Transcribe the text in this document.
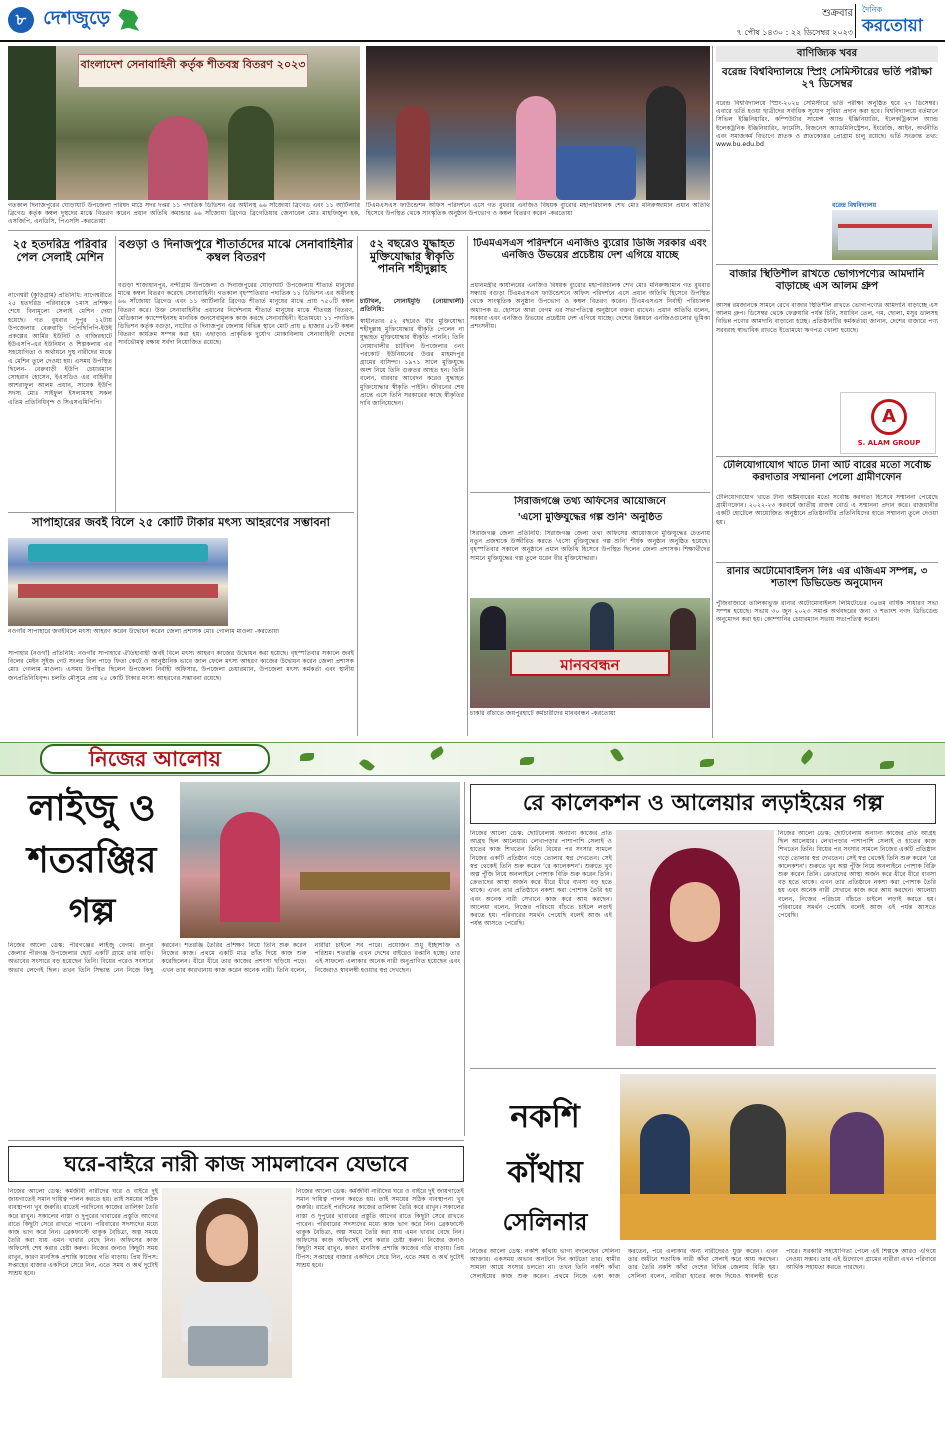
৮ দেশজুড়ে	শুক্রবার
৭ পৌষ ১৪৩০ : ২২ ডিসেম্বর ২০২৩
দৈনিক
করতোয়া
বাংলাদেশ সেনাবাহিনী কর্তৃক শীতবস্ত্র বিতরণ ২০২৩
গতকাল দিনাজপুরের ঘোড়াঘাট উপজেলা পরিষদ মাঠে সদর দপ্তর ১১ পদাতিক ডিভিশন এর অধীনস্থ ৬৬ সাঁজোয়া ব্রিগেড এবং ১১ আর্টিলারি ব্রিগেড কর্তৃক কম্বল দুস্থদের মাঝে বিতরণ করেন প্রধান অতিথি কমান্ডার ৬৬ সাঁজোয়া ব্রিগেড ব্রিগেডিয়ার জেনারেল মোঃ মাহফিজুল হক, এসজিপি, এনডিসি, পিএসসি -করতোয়া
টিএমএসএস ফাউন্ডেশন অফিস পরিদর্শনে এসে গত বুধবার এনজিও বিষয়ক ব্যুরোর মহাপরিচালক শেখ মোঃ মনিরুজ্জামান প্রধান অতিথি হিসেবে উপস্থিত থেকে সাংস্কৃতিক অনুষ্ঠান উপভোগ ও কম্বল বিতরণ করেন -করতোয়া
২৫ হতদরিদ্র পরিবার পেল সেলাই মেশিন
নাগেশ্বরী (কুড়িগ্রাম) প্রতিনিধি: নাগেশ্বরীতে ২৫ হতদরিদ্র পরিবারকে ১মাস প্রশিক্ষণ শেষে বিনামূল্যে সেলাই মেশিন দেয়া হয়েছে। গত বুধবার দুপুর ১২টায় উপজেলার বেরুবাড়ি পিপিছিপিপি-ইউই প্রকল্পের আর্মির ইউনিট ও বাজিরহাটে ইউএসপি-এর ইউনিয়ন ও শিল্পকলায় এর সহযোগিতা ও অর্থায়নে দুস্থ নারীদের মাঝে এ মেশিন তুলে দেওয়া হয়। এসময় উপস্থিত ছিলেন- বেরুবাড়ী ইউপি চেয়ারম্যান সোহরাব হোসেন, ইএসডিও এর বাহিনীর আশরাফুল আলম প্রধান, সাবেক ইউপি সদস্য মোঃ সাইফুল ইসলামসহ সকল এতিম প্রতিনিধিবৃন্দ ও সিএসএমিপিপি।
বগুড়া ও দিনাজপুরে শীতার্তদের মাঝে সেনাবাহিনীর কম্বল বিতরণ
বগুড়া শাজাহানপুর, নন্দীগ্রাম উপজেলা ও দিনাজপুরের ঘোড়াঘাট উপজেলায় শীতার্ত মানুষের মাঝে কম্বল বিতরণ করেছে সেনাবাহিনী। গতকাল বৃহস্পতিবার পদাতিক ১১ ডিভিশন এর অধীনস্থ ৬৬ সাঁজোয়া ব্রিগেড এবং ১১ আর্টিলারি ব্রিগেড শীতার্ত মানুষের মাঝে প্রায় ৭৫০টি কম্বল বিতরণ করে। উক্ত সেনাবাহিনীর প্রধানের নির্দেশনায় শীতার্ত মানুষের মাঝে শীতবস্ত্র বিতরণ, মেডিক্যাল ক্যাম্পেইনসহ মানবিক জনসেবামূলক কাজ করছে সেনাবাহিনী। ইতোমধ্যে ১১ পদাতিক ডিভিশন কর্তৃক বগুড়া, নাটোর ও দিনাজপুর জেলায় বিভিন্ন স্থানে মোট প্রায় ৪ হাজার ৫৮টি কম্বল বিতরণ কার্যক্রম সম্পন্ন করা হয়। এছাড়াও প্রাকৃতিক দুর্যোগ মোকাবিলায় সেনাবাহিনী দেশের সার্বভৌমত্ব রক্ষায় সর্বদা নিয়োজিত রয়েছে।
সাপাহারের জবই বিলে ২৫ কোটি টাকার মৎস্য আহরণের সম্ভাবনা
নওগাঁর সাপাহারে জবইবিলে মৎস্য আহরণ করেন উদ্বোধন করেন জেলা প্রশাসক মোঃ গোলাম মাওলা -করতোয়া
সাপাহার (নওগাঁ) প্রতিনিধি: নওগাঁর সাপাহারে ঐতিহ্যবাহী জবই বিলে মৎস্য আহরণ কাজের উদ্বোধন করা হয়েছে। বৃহস্পতিবার সকালে জবই বিলের মেইন সুইজ গেট সংলগ্ন বিল পাড়ে ফিতা কেটে ও আনুষ্ঠানিক ভাবে জাল ফেলে মৎস্য আহরণ কাজের উদ্বোধন করেন জেলা প্রশাসক মোঃ গোলাম মাওলা। এসময় উপস্থিত ছিলেন উপজেলা নির্বাহী অফিসার, উপজেলা চেয়ারম্যান, উপজেলা মৎস্য কর্মকর্তা এবং স্থানীয় জনপ্রতিনিধিবৃন্দ। চলতি মৌসুমে প্রায় ২৫ কোটি টাকার মৎস্য আহরণের সম্ভাবনা রয়েছে।
৫২ বছরেও যুদ্ধাহত মুক্তিযোদ্ধার স্বীকৃতি পাননি শহীদুল্লাহ
চাটখিল, সোনাইমুড়ি (নোয়াখালী) প্রতিনিধি:
স্বাধীনতার ৫২ বছরেও বীর মুক্তিযোদ্ধা শহীদুল্লাহ মুক্তিযোদ্ধার স্বীকৃতি পেলেন না যুদ্ধাহত মুক্তিযোদ্ধার স্বীকৃতি পাননি। তিনি নোয়াখালীর চাটখিল উপজেলার ৩নং পরকোট ইউনিয়নের উত্তর মাহমদপুর গ্রামের বাসিন্দা। ১৯৭১ সালে মুক্তিযুদ্ধে অংশ নিয়ে তিনি গুরুতর আহত হন। তিনি বলেন, বারবার আবেদন করেও যুদ্ধাহত মুক্তিযোদ্ধার স্বীকৃতি পাইনি। জীবনের শেষ প্রান্তে এসে তিনি সরকারের কাছে স্বীকৃতির দাবি জানিয়েছেন।
টিএমএসএস পরিদর্শনে এনজিও ব্যুরোর ডিজি সরকার এবং এনজিও উভয়ের প্রচেষ্টায় দেশ এগিয়ে যাচ্ছে
প্রধানমন্ত্রীর কার্যালয়ের এনজিও বিষয়ক ব্যুরোর মহাপরিচালক শেখ মোঃ মনিরুজ্জামান গত বুধবার সন্ধ্যায় বগুড়া টিএমএসএস ফাউন্ডেশনে অফিস পরিদর্শনে এসে প্রধান অতিথি হিসেবে উপস্থিত থেকে সাংস্কৃতিক অনুষ্ঠান উপভোগ ও কম্বল বিতরণ করেন। টিএমএসএস নির্বাহী পরিচালক অধ্যাপক ড. হোসনে আরা বেগম এর সভাপতিত্বে অনুষ্ঠানে বক্তব্য রাখেন। প্রধান অতিথি বলেন, সরকার এবং এনজিও উভয়ের প্রচেষ্টায় দেশ এগিয়ে যাচ্ছে। দেশের উন্নয়নে এনজিওগুলোর ভূমিকা প্রশংসনীয়।
সিরাজগঞ্জে তথ্য অফিসের আয়োজনে
'এসো মুক্তিযুদ্ধের গল্প শুনি' অনুষ্ঠিত
সিরাজগঞ্জ জেলা প্রতিনিধি: সিরাজগঞ্জ জেলা তথ্য অফিসের আয়োজনে মুক্তিযুদ্ধের চেতনায় নতুন প্রজন্মকে উজ্জীবিত করতে 'এসো মুক্তিযুদ্ধের গল্প শুনি' শীর্ষক অনুষ্ঠান অনুষ্ঠিত হয়েছে। বৃহস্পতিবার সকালে অনুষ্ঠানে প্রধান অতিথি হিসেবে উপস্থিত ছিলেন জেলা প্রশাসক। শিক্ষার্থীদের সামনে মুক্তিযুদ্ধের গল্প তুলে ধরেন বীর মুক্তিযোদ্ধারা।
মানববন্ধন
চাকরি বাঁচাতে জয়পুরহাটে কর্মচারীদের মানববন্ধন -করতোয়া
বাণিজ্যিক খবর
বরেন্দ্র বিশ্ববিদ্যালয়ে স্প্রিং সেমিস্টারের ভর্তি পরীক্ষা ২৭ ডিসেম্বর
বরেন্দ্র বিশ্ববিদ্যালয়ে স্প্রিং-২০২৪ সেমিস্টারে ভর্তি পরীক্ষা অনুষ্ঠিত হবে ২৭ ডিসেম্বর। এবারে ভর্তি হওয়া ছাত্রীদের সর্বাধিক সুযোগ সুবিধা প্রদান করা হবে। বিশ্ববিদ্যালয়ে বর্তমানে সিভিল ইঞ্জিনিয়ারিং, কম্পিউটার সায়েন্স অ্যান্ড ইঞ্জিনিয়ারিং, ইলেকট্রিক্যাল অ্যান্ড ইলেকট্রনিক ইঞ্জিনিয়ারিং, ফার্মেসি, বিজনেস অ্যাডমিনিস্ট্রেশন, ইংরেজি, আইন, অর্থনীতি এবং সমাজকর্ম বিভাগে স্নাতক ও স্নাতকোত্তর প্রোগ্রাম চালু রয়েছে। ভর্তি সংক্রান্ত তথ্য: www.bu.edu.bd
বরেন্দ্র বিশ্ববিদ্যালয়
বাজার স্থিতিশীল রাখতে ভোগ্যপণ্যের আমদানি বাড়াচ্ছে এস আলম গ্রুপ
আসন্ন রমজানকে সামনে রেখে বাজার স্থিতিশীল রাখতে ভোগ্যপণ্যের আমদানি বাড়াচ্ছে এস আলম গ্রুপ। ডিসেম্বর থেকে ফেব্রুয়ারি পর্যন্ত চিনি, সয়াবিন তেল, গম, ছোলা, মসুর ডালসহ বিভিন্ন পণ্যের আমদানি বাড়ানো হচ্ছে। প্রতিষ্ঠানটির কর্মকর্তারা জানান, দেশের বাজারে পণ্য সরবরাহ স্বাভাবিক রাখতে ইতোমধ্যে ঋণপত্র খোলা হয়েছে।
A
S. ALAM GROUP
টেলিযোগাযোগ খাতে টানা আট বারের মতো সর্বোচ্চ করদাতার সম্মাননা পেলো গ্রামীণফোন
টেলিযোগাযোগ খাতে টানা অষ্টমবারের মতো সর্বোচ্চ করদাতা হিসেবে সম্মাননা পেয়েছে গ্রামীণফোন। ২০২২-২৩ করবর্ষে জাতীয় রাজস্ব বোর্ড এ সম্মাননা প্রদান করে। রাজধানীর একটি হোটেলে আয়োজিত অনুষ্ঠানে প্রতিষ্ঠানটির প্রতিনিধিদের হাতে সম্মাননা তুলে দেওয়া হয়।
রানার অটোমোবাইলস লিঃ এর এজিএম সম্পন্ন, ৩ শতাংশ ডিভিডেন্ড অনুমোদন
পুঁজিবাজারে তালিকাভুক্ত রানার অটোমোবাইলস লিমিটেডের ৩৪তম বার্ষিক সাধারণ সভা সম্পন্ন হয়েছে। সভায় ৩০ জুন ২০২৩ সমাপ্ত অর্থবছরের জন্য ৩ শতাংশ নগদ ডিভিডেন্ড অনুমোদন করা হয়। কোম্পানির চেয়ারম্যান সভায় সভাপতিত্ব করেন।
নিজের আলোয়
লাইজু ও
শতরঞ্জির
গল্প
নিজের আলো ডেস্ক: পীরগঞ্জের লাইজু বেগম। রংপুর জেলার পীরগঞ্জ উপজেলার ছোট একটি গ্রামে তার বাড়ি। অভাবের সংসারে বড় হয়েছেন তিনি। বিয়ের পরেও সংসারে অভাব লেগেই ছিল। তখন তিনি সিদ্ধান্ত নেন নিজে কিছু করবেন। শতরঞ্জি তৈরির প্রশিক্ষণ নিয়ে তিনি শুরু করেন নিজের কাজ। প্রথমে একটি মাত্র তাঁত দিয়ে কাজ শুরু করেছিলেন। ধীরে ধীরে তার কাজের প্রশংসা ছড়িয়ে পড়ে। এখন তার কারখানায় কাজ করেন অনেক নারী। তিনি বলেন, নারীরা চাইলে সব পারে। প্রয়োজন শুধু ইচ্ছাশক্তি ও পরিশ্রম। শতরঞ্জি এখন দেশের বাইরেও রপ্তানি হচ্ছে। তার এই সাফল্যে এলাকার অনেক নারী অনুপ্রাণিত হয়েছেন এবং নিজেরাও স্বাবলম্বী হওয়ার স্বপ্ন দেখছেন।
রে কালেকশন ও আলেয়ার লড়াইয়ের গল্প
নিজের আলো ডেস্ক: ছোটবেলায় অন্যান্য কাজের প্রতি আগ্রহ ছিল আলেয়ার। লেখাপড়ার পাশাপাশি সেলাই ও হাতের কাজ শিখতেন তিনি। বিয়ের পর সংসার সামলে নিজের একটি প্রতিষ্ঠান গড়ে তোলার স্বপ্ন দেখতেন। সেই স্বপ্ন থেকেই তিনি শুরু করেন 'রে কালেকশন'। শুরুতে খুব অল্প পুঁজি নিয়ে অনলাইনে পোশাক বিক্রি শুরু করেন তিনি। ক্রেতাদের আস্থা অর্জন করে ধীরে ধীরে ব্যবসা বড় হতে থাকে। এখন তার প্রতিষ্ঠানে নকশা করা পোশাক তৈরি হয় এবং অনেক নারী সেখানে কাজ করে আয় করছেন। আলেয়া বলেন, নিজের পরিচয়ে বাঁচতে চাইলে লড়াই করতে হয়। পরিবারের সমর্থন পেয়েছি বলেই আজ এই পর্যন্ত আসতে পেরেছি।
নিজের আলো ডেস্ক: ছোটবেলায় অন্যান্য কাজের প্রতি আগ্রহ ছিল আলেয়ার। লেখাপড়ার পাশাপাশি সেলাই ও হাতের কাজ শিখতেন তিনি। বিয়ের পর সংসার সামলে নিজের একটি প্রতিষ্ঠান গড়ে তোলার স্বপ্ন দেখতেন। সেই স্বপ্ন থেকেই তিনি শুরু করেন 'রে কালেকশন'। শুরুতে খুব অল্প পুঁজি নিয়ে অনলাইনে পোশাক বিক্রি শুরু করেন তিনি। ক্রেতাদের আস্থা অর্জন করে ধীরে ধীরে ব্যবসা বড় হতে থাকে। এখন তার প্রতিষ্ঠানে নকশা করা পোশাক তৈরি হয় এবং অনেক নারী সেখানে কাজ করে আয় করছেন। আলেয়া বলেন, নিজের পরিচয়ে বাঁচতে চাইলে লড়াই করতে হয়। পরিবারের সমর্থন পেয়েছি বলেই আজ এই পর্যন্ত আসতে পেরেছি।
নকশি
কাঁথায়
সেলিনার
নিজের আলো ডেস্ক: নকশি কাঁথায় ভাগ্য বদলেছেন সেলিনা আক্তার। একসময় অভাব অনটনে দিন কাটতো তার। স্বামীর সামান্য আয়ে সংসার চলতো না। তখন তিনি নকশি কাঁথা সেলাইয়ের কাজ শুরু করেন। প্রথমে নিজে একা কাজ করতেন, পরে এলাকার অন্য নারীদেরও যুক্ত করেন। এখন তার অধীনে শতাধিক নারী কাঁথা সেলাই করে আয় করছেন। তার তৈরি নকশি কাঁথা দেশের বিভিন্ন জেলায় বিক্রি হয়। সেলিনা বলেন, নারীরা হাতের কাজ দিয়েও স্বাবলম্বী হতে পারে। সরকারি সহযোগিতা পেলে এই শিল্পকে আরও এগিয়ে নেওয়া সম্ভব। তার এই উদ্যোগে গ্রামের নারীরা এখন পরিবারে আর্থিক সহায়তা করতে পারছেন।
ঘরে-বাইরে নারী কাজ সামলাবেন যেভাবে
নিজের আলো ডেস্ক: কর্মজীবী নারীদের ঘরে ও বাইরে দুই জায়গাতেই সমান দায়িত্ব পালন করতে হয়। তাই সময়ের সঠিক ব্যবস্থাপনা খুব জরুরি। রাতেই পরদিনের কাজের তালিকা তৈরি করে রাখুন। সকালের নাস্তা ও দুপুরের খাবারের প্রস্তুতি আগের রাতে কিছুটা সেরে রাখতে পারেন। পরিবারের সদস্যদের মধ্যে কাজ ভাগ করে নিন। ব্রেকফাস্টে থাকুক বৈচিত্র্য, অল্প সময়ে তৈরি করা যায় এমন খাবার বেছে নিন। অফিসের কাজ অফিসেই শেষ করার চেষ্টা করুন। নিজের জন্যও কিছুটা সময় রাখুন, কারণ মানসিক প্রশান্তি কাজের গতি বাড়ায়। প্রিয় টিপস: সপ্তাহের বাজার একদিনে সেরে নিন, এতে সময় ও অর্থ দুটোই সাশ্রয় হবে।
নিজের আলো ডেস্ক: কর্মজীবী নারীদের ঘরে ও বাইরে দুই জায়গাতেই সমান দায়িত্ব পালন করতে হয়। তাই সময়ের সঠিক ব্যবস্থাপনা খুব জরুরি। রাতেই পরদিনের কাজের তালিকা তৈরি করে রাখুন। সকালের নাস্তা ও দুপুরের খাবারের প্রস্তুতি আগের রাতে কিছুটা সেরে রাখতে পারেন। পরিবারের সদস্যদের মধ্যে কাজ ভাগ করে নিন। ব্রেকফাস্টে থাকুক বৈচিত্র্য, অল্প সময়ে তৈরি করা যায় এমন খাবার বেছে নিন। অফিসের কাজ অফিসেই শেষ করার চেষ্টা করুন। নিজের জন্যও কিছুটা সময় রাখুন, কারণ মানসিক প্রশান্তি কাজের গতি বাড়ায়। প্রিয় টিপস: সপ্তাহের বাজার একদিনে সেরে নিন, এতে সময় ও অর্থ দুটোই সাশ্রয় হবে।
